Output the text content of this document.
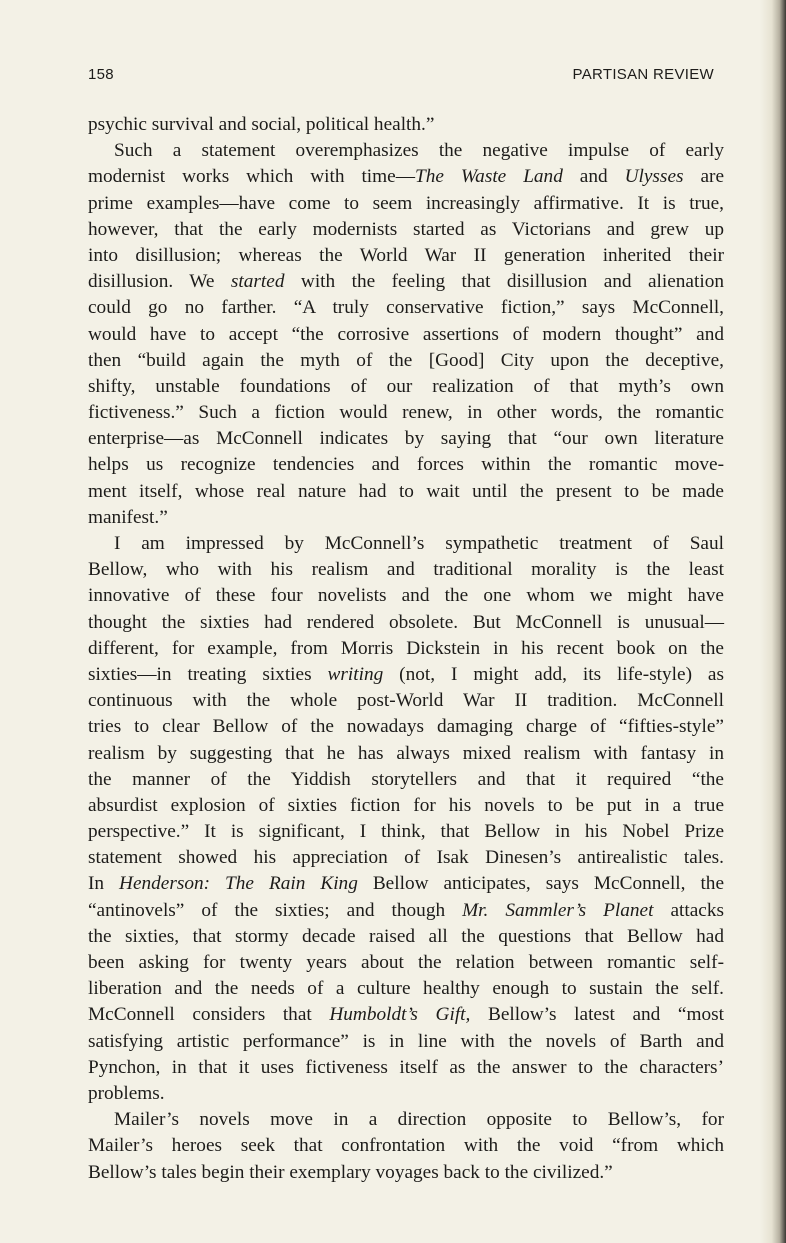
158	PARTISAN REVIEW
psychic survival and social, political health.”
Such a statement overemphasizes the negative impulse of early
modernist works which with time—The Waste Land and Ulysses are
prime examples—have come to seem increasingly affirmative. It is true,
however, that the early modernists started as Victorians and grew up
into disillusion; whereas the World War II generation inherited their
disillusion. We started with the feeling that disillusion and alienation
could go no farther. “A truly conservative fiction,” says McConnell,
would have to accept “the corrosive assertions of modern thought” and
then “build again the myth of the [Good] City upon the deceptive,
shifty, unstable foundations of our realization of that myth’s own
fictiveness.” Such a fiction would renew, in other words, the romantic
enterprise—as McConnell indicates by saying that “our own literature
helps us recognize tendencies and forces within the romantic move-
ment itself, whose real nature had to wait until the present to be made
manifest.”
I am impressed by McConnell’s sympathetic treatment of Saul
Bellow, who with his realism and traditional morality is the least
innovative of these four novelists and the one whom we might have
thought the sixties had rendered obsolete. But McConnell is unusual—
different, for example, from Morris Dickstein in his recent book on the
sixties—in treating sixties writing (not, I might add, its life-style) as
continuous with the whole post-World War II tradition. McConnell
tries to clear Bellow of the nowadays damaging charge of “fifties-style”
realism by suggesting that he has always mixed realism with fantasy in
the manner of the Yiddish storytellers and that it required “the
absurdist explosion of sixties fiction for his novels to be put in a true
perspective.” It is significant, I think, that Bellow in his Nobel Prize
statement showed his appreciation of Isak Dinesen’s antirealistic tales.
In Henderson: The Rain King Bellow anticipates, says McConnell, the
“antinovels” of the sixties; and though Mr. Sammler’s Planet attacks
the sixties, that stormy decade raised all the questions that Bellow had
been asking for twenty years about the relation between romantic self-
liberation and the needs of a culture healthy enough to sustain the self.
McConnell considers that Humboldt’s Gift, Bellow’s latest and “most
satisfying artistic performance” is in line with the novels of Barth and
Pynchon, in that it uses fictiveness itself as the answer to the characters’
problems.
Mailer’s novels move in a direction opposite to Bellow’s, for
Mailer’s heroes seek that confrontation with the void “from which
Bellow’s tales begin their exemplary voyages back to the civilized.”
